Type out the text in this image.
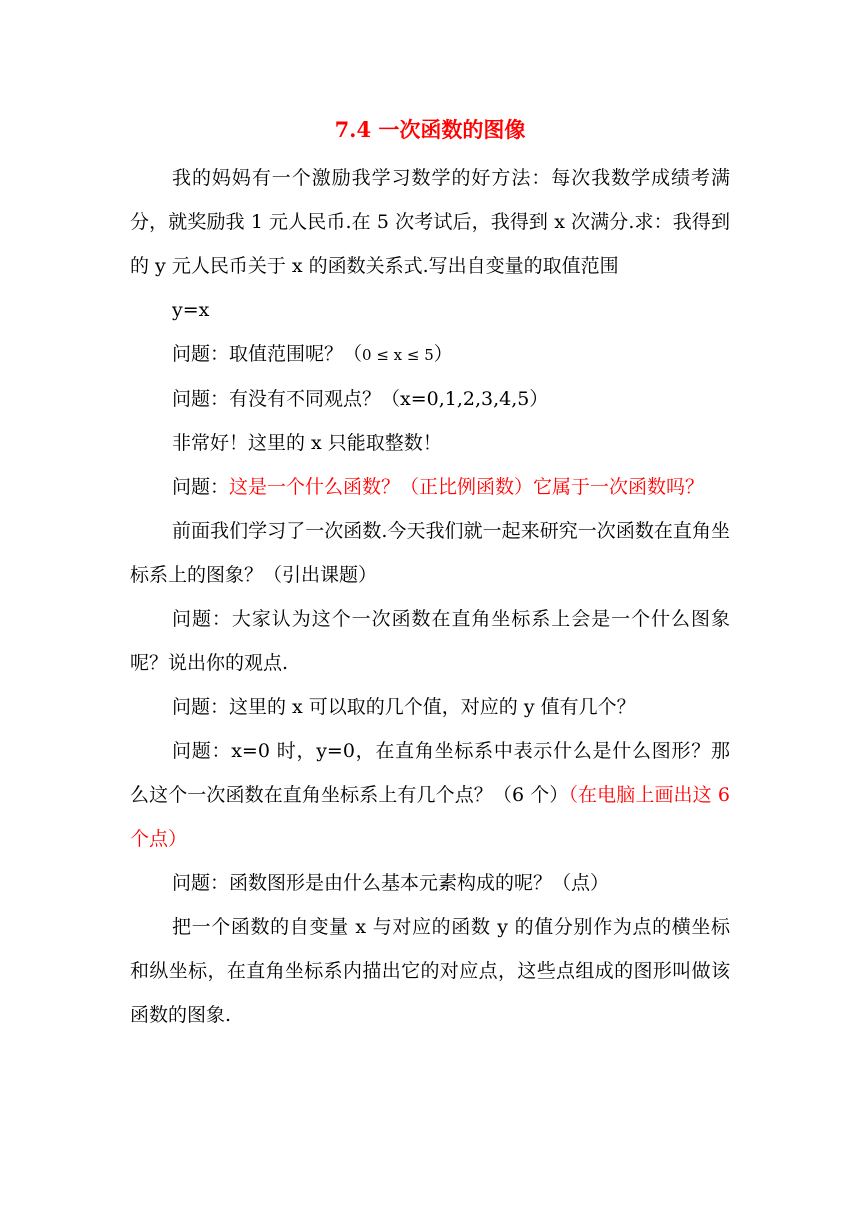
7.4 一次函数的图像

我的妈妈有一个激励我学习数学的好方法：每次我数学成绩考满分，就奖励我 1 元人民币.在 5 次考试后，我得到 x 次满分.求：我得到的 y 元人民币关于 x 的函数关系式.写出自变量的取值范围

y=x

问题：取值范围呢？（0 ≤ x ≤ 5）

问题：有没有不同观点？（x=0,1,2,3,4,5）

非常好！这里的 x 只能取整数！

问题：这是一个什么函数？（正比例函数）它属于一次函数吗？

前面我们学习了一次函数.今天我们就一起来研究一次函数在直角坐标系上的图象？（引出课题）

问题：大家认为这个一次函数在直角坐标系上会是一个什么图象呢？说出你的观点.

问题：这里的 x 可以取的几个值，对应的 y 值有几个？

问题：x=0 时，y=0，在直角坐标系中表示什么是什么图形？那么这个一次函数在直角坐标系上有几个点？（6 个）（在电脑上画出这 6 个点）

问题：函数图形是由什么基本元素构成的呢？（点）

把一个函数的自变量 x 与对应的函数 y 的值分别作为点的横坐标和纵坐标，在直角坐标系内描出它的对应点，这些点组成的图形叫做该函数的图象.
